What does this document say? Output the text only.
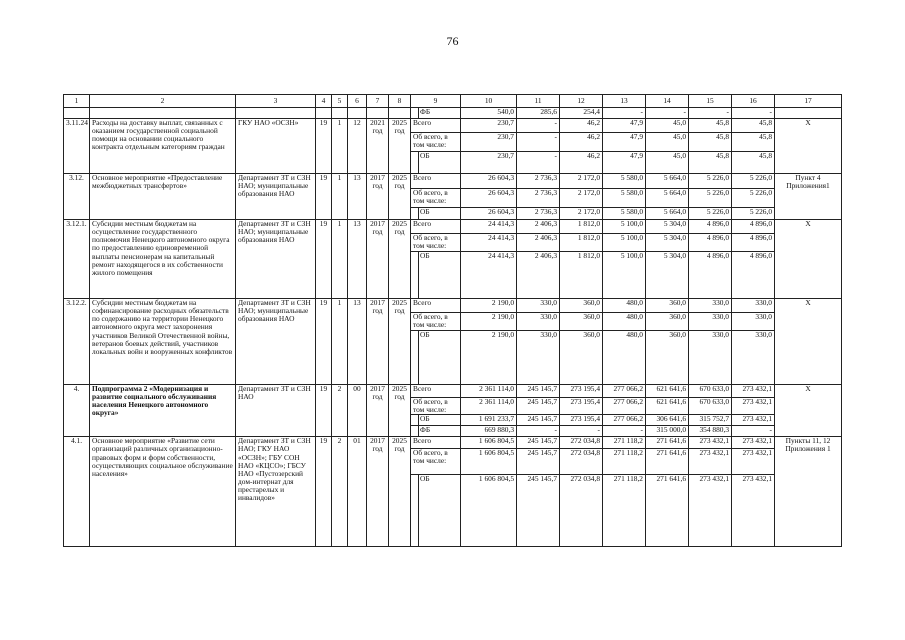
76
1	2	3	4	5	6	7	8	9		10	11	12	13	14	15	16	17
									ФБ	540,0	285,6	254,4	-	-	-	-	
3.11.24	Расходы на доставку выплат, связанных с оказанием государственной социальной помощи на основании социального контракта отдельным категориям граждан	ГКУ НАО «ОСЗН»	19	1	12	2021 год	2025 год	Всего		230,7	-	46,2	47,9	45,0	45,8	45,8	Х
								Об всего, в том числе:		230,7	-	46,2	47,9	45,0	45,8	45,8	
									ОБ	230,7	-	46,2	47,9	45,0	45,8	45,8	
3.12.	Основное мероприятие «Предоставление межбюджетных трансфертов»	Департамент ЗТ и СЗН НАО; муниципальные образования НАО	19	1	13	2017 год	2025 год	Всего		26 604,3	2 736,3	2 172,0	5 580,0	5 664,0	5 226,0	5 226,0	Пункт 4 Приложения1
								Об всего, в том числе:		26 604,3	2 736,3	2 172,0	5 580,0	5 664,0	5 226,0	5 226,0	
									ОБ	26 604,3	2 736,3	2 172,0	5 580,0	5 664,0	5 226,0	5 226,0	
3.12.1.	Субсидии местным бюджетам на осуществление государственного полномочия Ненецкого автономного округа по предоставлению единовременной выплаты пенсионерам на капитальный ремонт находящегося в их собственности жилого помещения	Департамент ЗТ и СЗН НАО; муниципальные образования НАО	19	1	13	2017 год	2025 год	Всего		24 414,3	2 406,3	1 812,0	5 100,0	5 304,0	4 896,0	4 896,0	Х
								Об всего, в том числе:		24 414,3	2 406,3	1 812,0	5 100,0	5 304,0	4 896,0	4 896,0	
									ОБ	24 414,3	2 406,3	1 812,0	5 100,0	5 304,0	4 896,0	4 896,0	
3.12.2.	Субсидии местным бюджетам на софинансирование расходных обязательств по содержанию на территории Ненецкого автономного округа мест захоронения участников Великой Отечественной войны, ветеранов боевых действий, участников локальных войн и вооруженных конфликтов	Департамент ЗТ и СЗН НАО; муниципальные образования НАО	19	1	13	2017 год	2025 год	Всего		2 190,0	330,0	360,0	480,0	360,0	330,0	330,0	Х
								Об всего, в том числе:		2 190,0	330,0	360,0	480,0	360,0	330,0	330,0	
									ОБ	2 190,0	330,0	360,0	480,0	360,0	330,0	330,0	
4.	Подпрограмма 2 «Модернизация и развитие социального обслуживания населения Ненецкого автономного округа»	Департамент ЗТ и СЗН НАО	19	2	00	2017 год	2025 год	Всего		2 361 114,0	245 145,7	273 195,4	277 066,2	621 641,6	670 633,0	273 432,1	Х
								Об всего, в том числе:		2 361 114,0	245 145,7	273 195,4	277 066,2	621 641,6	670 633,0	273 432,1	
									ОБ	1 691 233,7	245 145,7	273 195,4	277 066,2	306 641,6	315 752,7	273 432,1	
									ФБ	669 880,3	-	-	-	315 000,0	354 880,3	-	
4.1.	Основное мероприятие «Развитие сети организаций различных организационно-правовых форм и форм собственности, осуществляющих социальное обслуживание населения»	Департамент ЗТ и СЗН НАО; ГКУ НАО «ОСЗН»; ГБУ СОН НАО «КЦСО»; ГБСУ НАО «Пустозерский дом-интернат для престарелых и инвалидов»	19	2	01	2017 год	2025 год	Всего		1 606 804,5	245 145,7	272 034,8	271 118,2	271 641,6	273 432,1	273 432,1	Пункты 11, 12 Приложения 1
								Об всего, в том числе:		1 606 804,5	245 145,7	272 034,8	271 118,2	271 641,6	273 432,1	273 432,1	
									ОБ	1 606 804,5	245 145,7	272 034,8	271 118,2	271 641,6	273 432,1	273 432,1	
